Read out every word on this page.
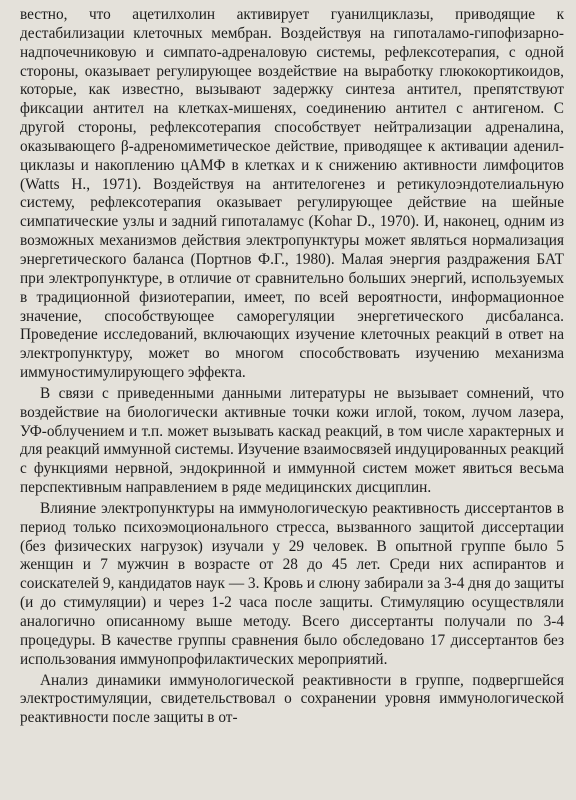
вестно, что ацетилхолин активирует гуанилциклазы, приводящие к дестабилизации клеточных мембран. Воздействуя на гипоталамо-гипофизарно-надпочечниковую и симпато-адреналовую системы, рефлексотерапия, с одной стороны, оказывает регулирующее воздействие на выработку глюкокортикоидов, которые, как известно, вызывают задержку синтеза антител, препятствуют фиксации антител на клетках-мишенях, соединению антител с антигеном. С другой стороны, рефлексотерапия способствует нейтрализации адреналина, оказывающего β-адреномиметическое действие, приводящее к активации аденил-циклазы и накоплению цАМФ в клетках и к снижению активности лимфоцитов (Watts H., 1971). Воздействуя на антителогенез и ретикулоэндотелиальную систему, рефлексотерапия оказывает регулирующее действие на шейные симпатические узлы и задний гипоталамус (Kohar D., 1970). И, наконец, одним из возможных механизмов действия электропунктуры может являться нормализация энергетического баланса (Портнов Ф.Г., 1980). Малая энергия раздражения БАТ при электропунктуре, в отличие от сравнительно больших энергий, используемых в традиционной физиотерапии, имеет, по всей вероятности, информационное значение, способствующее саморегуляции энергетического дисбаланса. Проведение исследований, включающих изучение клеточных реакций в ответ на электропунктуру, может во многом способствовать изучению механизма иммуностимулирующего эффекта.

В связи с приведенными данными литературы не вызывает сомнений, что воздействие на биологически активные точки кожи иглой, током, лучом лазера, УФ-облучением и т.п. может вызывать каскад реакций, в том числе характерных и для реакций иммунной системы. Изучение взаимосвязей индуцированных реакций с функциями нервной, эндокринной и иммунной систем может явиться весьма перспективным направлением в ряде медицинских дисциплин.

Влияние электропунктуры на иммунологическую реактивность диссертантов в период только психоэмоционального стресса, вызванного защитой диссертации (без физических нагрузок) изучали у 29 человек. В опытной группе было 5 женщин и 7 мужчин в возрасте от 28 до 45 лет. Среди них аспирантов и соискателей 9, кандидатов наук — 3. Кровь и слюну забирали за 3-4 дня до защиты (и до стимуляции) и через 1-2 часа после защиты. Стимуляцию осуществляли аналогично описанному выше методу. Всего диссертанты получали по 3-4 процедуры. В качестве группы сравнения было обследовано 17 диссертантов без использования иммунопрофилактических мероприятий.

Анализ динамики иммунологической реактивности в группе, подвергшейся электростимуляции, свидетельствовал о сохранении уровня иммунологической реактивности после защиты в от-
